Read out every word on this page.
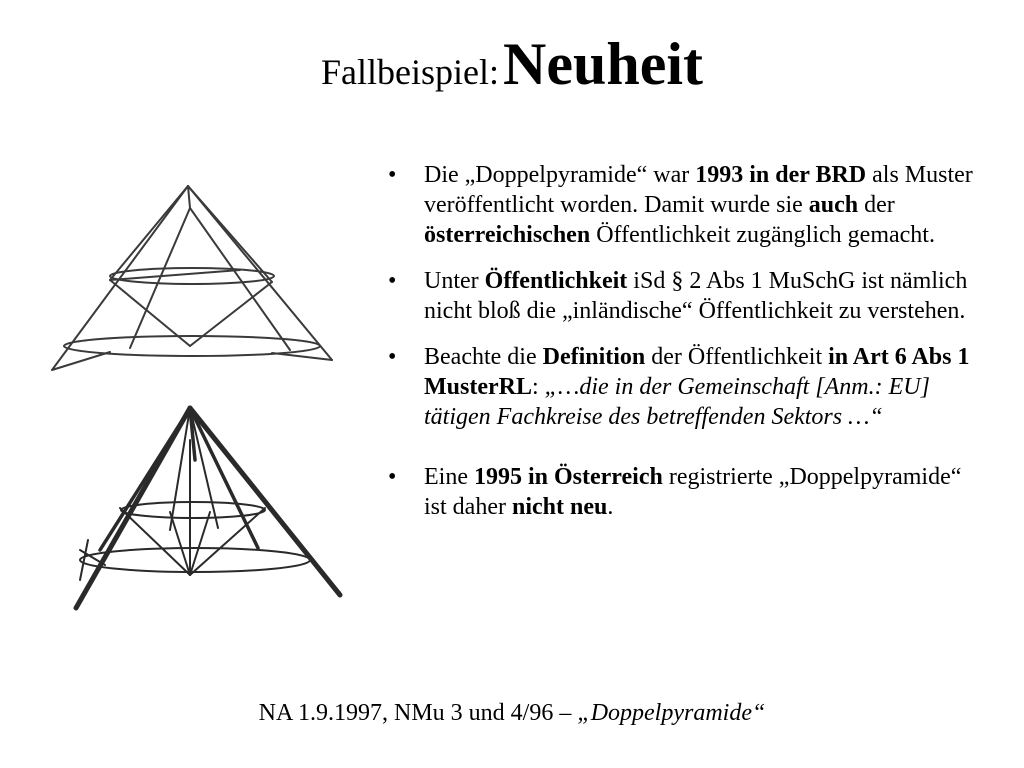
Fallbeispiel: Neuheit
• Die „Doppelpyramide“ war 1993 in der BRD als Muster veröffentlicht worden. Damit wurde sie auch der österreichischen Öffentlichkeit zugänglich gemacht.
• Unter Öffentlichkeit iSd § 2 Abs 1 MuSchG ist nämlich nicht bloß die „inländische“ Öffentlichkeit zu verstehen.
• Beachte die Definition der Öffentlichkeit in Art 6 Abs 1 MusterRL: „…die in der Gemeinschaft [Anm.: EU] tätigen Fachkreise des betreffenden Sektors …“
• Eine 1995 in Österreich registrierte „Doppelpyramide“ ist daher nicht neu.
NA 1.9.1997, NMu 3 und 4/96 – „Doppelpyramide“
